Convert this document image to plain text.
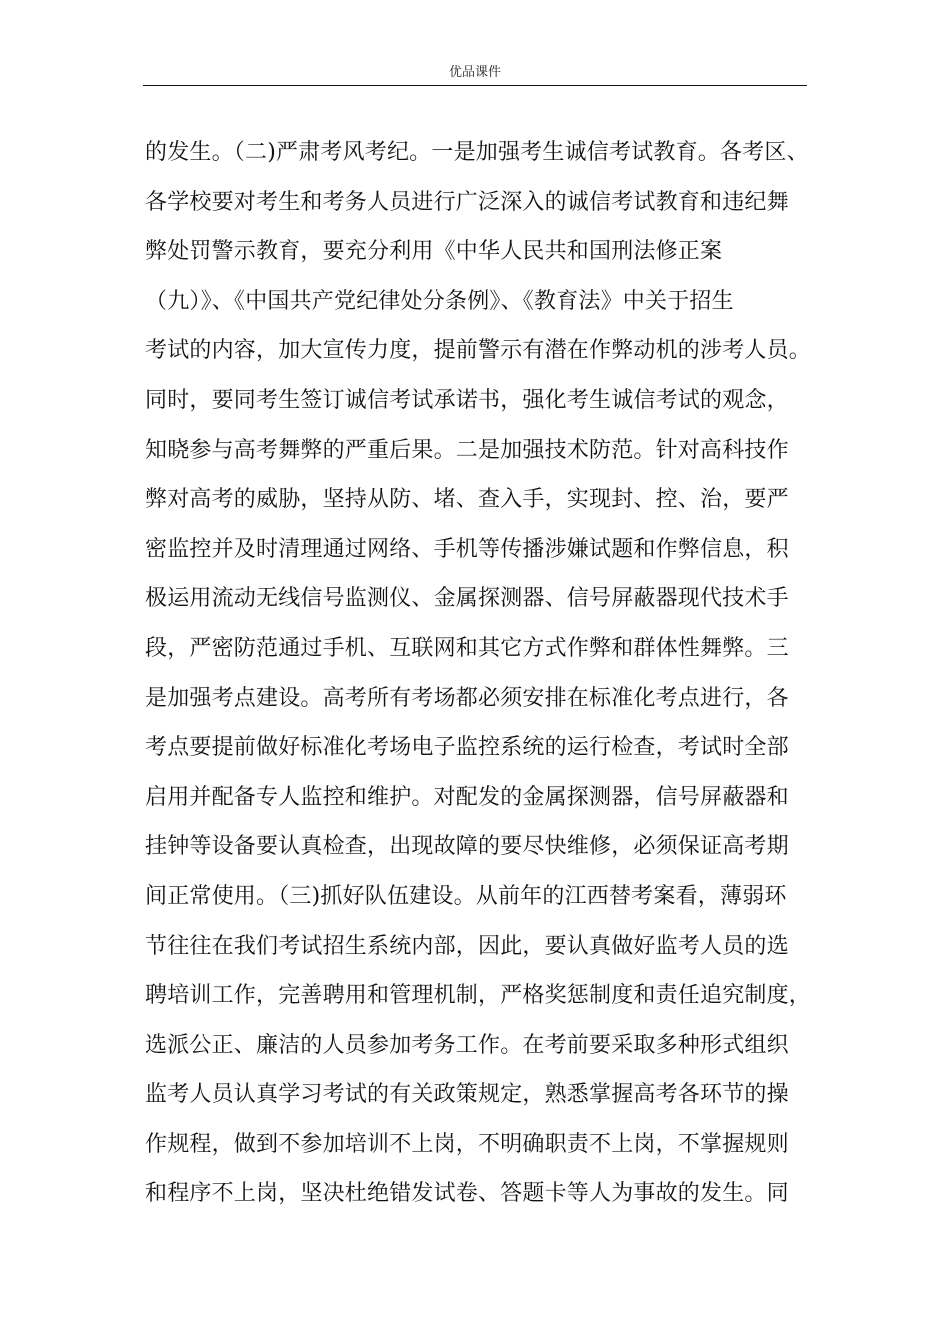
优品课件
的发生。（二)严肃考风考纪。一是加强考生诚信考试教育。各考区、
各学校要对考生和考务人员进行广泛深入的诚信考试教育和违纪舞
弊处罚警示教育，要充分利用《中华人民共和国刑法修正案
（九）》、《中国共产党纪律处分条例》、《教育法》中关于招生
考试的内容，加大宣传力度，提前警示有潜在作弊动机的涉考人员。
同时，要同考生签订诚信考试承诺书，强化考生诚信考试的观念，
知晓参与高考舞弊的严重后果。二是加强技术防范。针对高科技作
弊对高考的威胁，坚持从防、堵、查入手，实现封、控、治，要严
密监控并及时清理通过网络、手机等传播涉嫌试题和作弊信息，积
极运用流动无线信号监测仪、金属探测器、信号屏蔽器现代技术手
段，严密防范通过手机、互联网和其它方式作弊和群体性舞弊。三
是加强考点建设。高考所有考场都必须安排在标准化考点进行，各
考点要提前做好标准化考场电子监控系统的运行检查，考试时全部
启用并配备专人监控和维护。对配发的金属探测器，信号屏蔽器和
挂钟等设备要认真检查，出现故障的要尽快维修，必须保证高考期
间正常使用。（三)抓好队伍建设。从前年的江西替考案看，薄弱环
节往往在我们考试招生系统内部，因此，要认真做好监考人员的选
聘培训工作，完善聘用和管理机制，严格奖惩制度和责任追究制度，
选派公正、廉洁的人员参加考务工作。在考前要采取多种形式组织
监考人员认真学习考试的有关政策规定，熟悉掌握高考各环节的操
作规程，做到不参加培训不上岗，不明确职责不上岗，不掌握规则
和程序不上岗，坚决杜绝错发试卷、答题卡等人为事故的发生。同
